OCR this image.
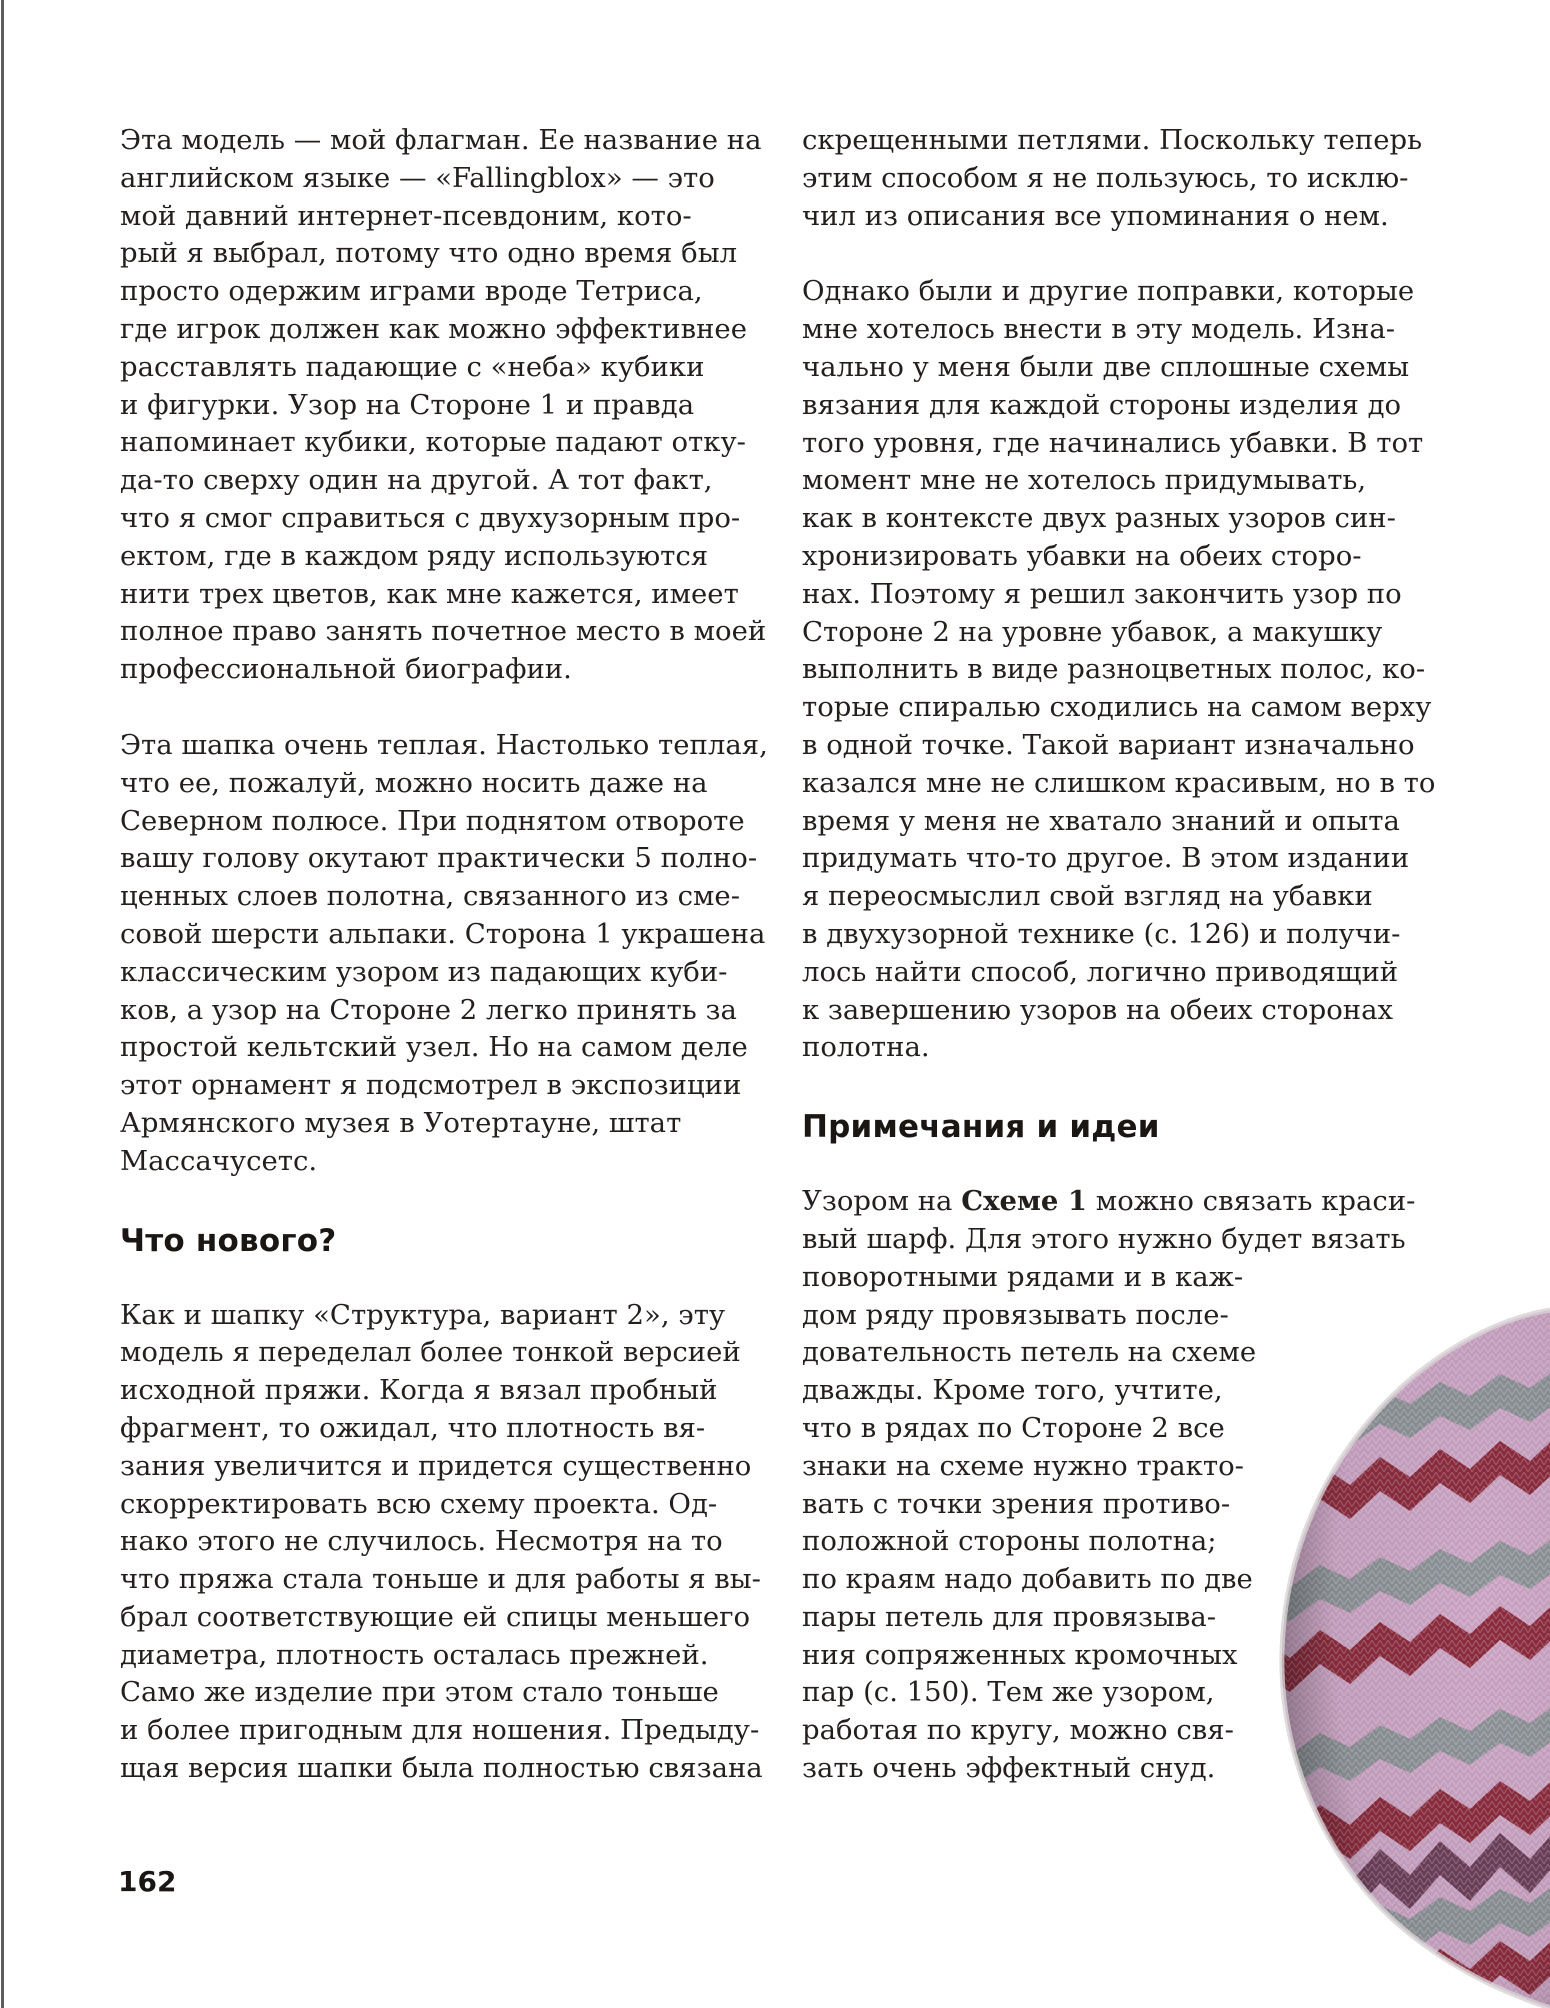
Эта модель — мой флагман. Ее название на
английском языке — «Fallingblox» — это
мой давний интернет-псевдоним, кото-
рый я выбрал, потому что одно время был
просто одержим играми вроде Тетриса,
где игрок должен как можно эффективнее
расставлять падающие с «неба» кубики
и фигурки. Узор на Стороне 1 и правда
напоминает кубики, которые падают отку-
да-то сверху один на другой. А тот факт,
что я смог справиться с двухузорным про-
ектом, где в каждом ряду используются
нити трех цветов, как мне кажется, имеет
полное право занять почетное место в моей
профессиональной биографии.
Эта шапка очень теплая. Настолько теплая,
что ее, пожалуй, можно носить даже на
Северном полюсе. При поднятом отвороте
вашу голову окутают практически 5 полно-
ценных слоев полотна, связанного из сме-
совой шерсти альпаки. Сторона 1 украшена
классическим узором из падающих куби-
ков, а узор на Стороне 2 легко принять за
простой кельтский узел. Но на самом деле
этот орнамент я подсмотрел в экспозиции
Армянского музея в Уотертауне, штат
Массачусетс.
Что нового?
Как и шапку «Структура, вариант 2», эту
модель я переделал более тонкой версией
исходной пряжи. Когда я вязал пробный
фрагмент, то ожидал, что плотность вя-
зания увеличится и придется существенно
скорректировать всю схему проекта. Од-
нако этого не случилось. Несмотря на то
что пряжа стала тоньше и для работы я вы-
брал соответствующие ей спицы меньшего
диаметра, плотность осталась прежней.
Само же изделие при этом стало тоньше
и более пригодным для ношения. Предыду-
щая версия шапки была полностью связана
скрещенными петлями. Поскольку теперь
этим способом я не пользуюсь, то исклю-
чил из описания все упоминания о нем.
Однако были и другие поправки, которые
мне хотелось внести в эту модель. Изна-
чально у меня были две сплошные схемы
вязания для каждой стороны изделия до
того уровня, где начинались убавки. В тот
момент мне не хотелось придумывать,
как в контексте двух разных узоров син-
хронизировать убавки на обеих сторо-
нах. Поэтому я решил закончить узор по
Стороне 2 на уровне убавок, а макушку
выполнить в виде разноцветных полос, ко-
торые спиралью сходились на самом верху
в одной точке. Такой вариант изначально
казался мне не слишком красивым, но в то
время у меня не хватало знаний и опыта
придумать что-то другое. В этом издании
я переосмыслил свой взгляд на убавки
в двухузорной технике (с. 126) и получи-
лось найти способ, логично приводящий
к завершению узоров на обеих сторонах
полотна.
Примечания и идеи
Узором на Схеме 1 можно связать краси-
вый шарф. Для этого нужно будет вязать
поворотными рядами и в каж-
дом ряду провязывать после-
довательность петель на схеме
дважды. Кроме того, учтите,
что в рядах по Стороне 2 все
знаки на схеме нужно тракто-
вать с точки зрения противо-
положной стороны полотна;
по краям надо добавить по две
пары петель для провязыва-
ния сопряженных кромочных
пар (с. 150). Тем же узором,
работая по кругу, можно свя-
зать очень эффектный снуд.
162
